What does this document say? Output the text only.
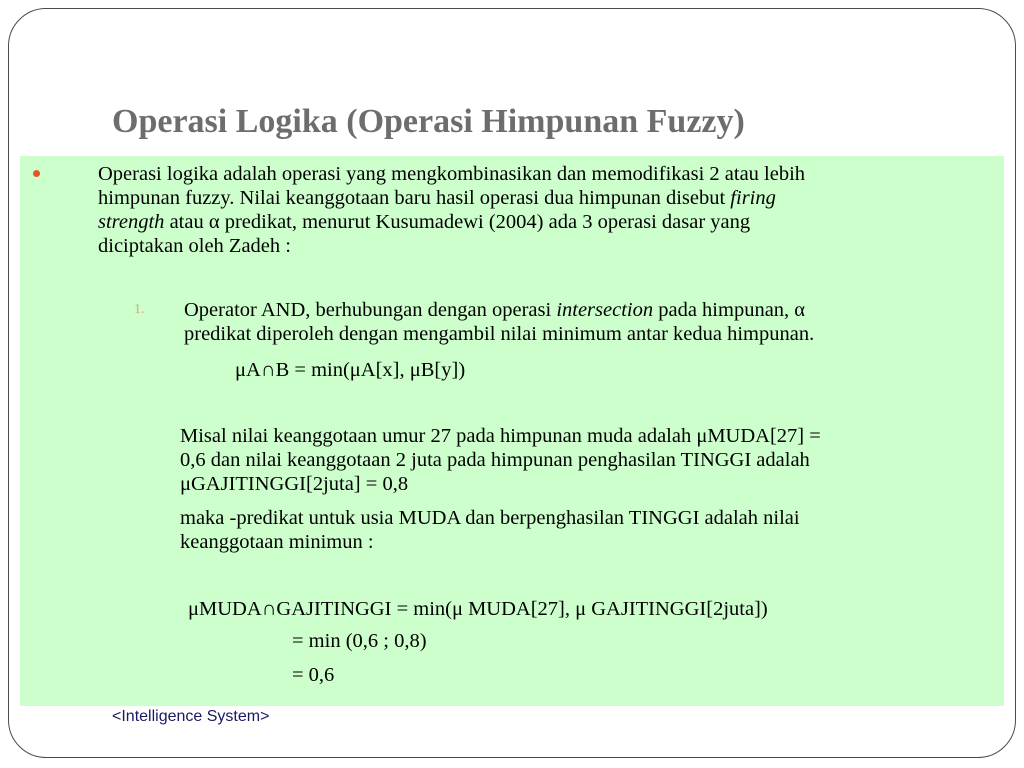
Operasi Logika (Operasi Himpunan Fuzzy)
Operasi logika adalah operasi yang mengkombinasikan dan memodifikasi 2 atau lebih
himpunan fuzzy. Nilai keanggotaan baru hasil operasi dua himpunan disebut firing
strength atau α predikat, menurut Kusumadewi (2004) ada 3 operasi dasar yang
diciptakan oleh Zadeh :
1. Operator AND, berhubungan dengan operasi intersection pada himpunan, α
predikat diperoleh dengan mengambil nilai minimum antar kedua himpunan.
μA∩B = min(μA[x], μB[y])
Misal nilai keanggotaan umur 27 pada himpunan muda adalah μMUDA[27] =
0,6 dan nilai keanggotaan 2 juta pada himpunan penghasilan TINGGI adalah
μGAJITINGGI[2juta] = 0,8
maka -predikat untuk usia MUDA dan berpenghasilan TINGGI adalah nilai
keanggotaan minimun :
μMUDA∩GAJITINGGI = min(μ MUDA[27], μ GAJITINGGI[2juta])
= min (0,6 ; 0,8)
= 0,6
<Intelligence System>
